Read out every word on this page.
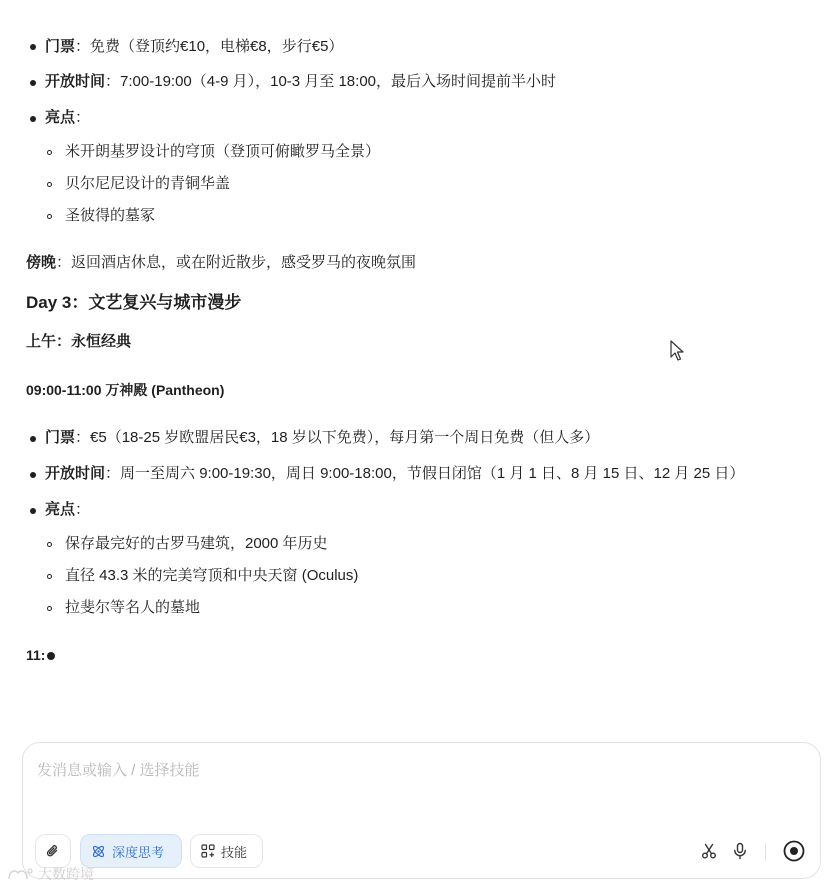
门票：免费（登顶约€10，电梯€8，步行€5）
开放时间：7:00-19:00（4-9 月），10-3 月至 18:00，最后入场时间提前半小时
亮点：
米开朗基罗设计的穹顶（登顶可俯瞰罗马全景）
贝尔尼尼设计的青铜华盖
圣彼得的墓冢
傍晚：返回酒店休息，或在附近散步，感受罗马的夜晚氛围
Day 3：文艺复兴与城市漫步
上午：永恒经典
09:00-11:00 万神殿 (Pantheon)
门票：€5（18-25 岁欧盟居民€3，18 岁以下免费），每月第一个周日免费（但人多）
开放时间：周一至周六 9:00-19:30，周日 9:00-18:00，节假日闭馆（1 月 1 日、8 月 15 日、12 月 25 日）
亮点：
保存最完好的古罗马建筑，2000 年历史
直径 43.3 米的完美穹顶和中央天窗 (Oculus)
拉斐尔等名人的墓地
11:
发消息或输入 / 选择技能
深度思考	技能
大数跨境
